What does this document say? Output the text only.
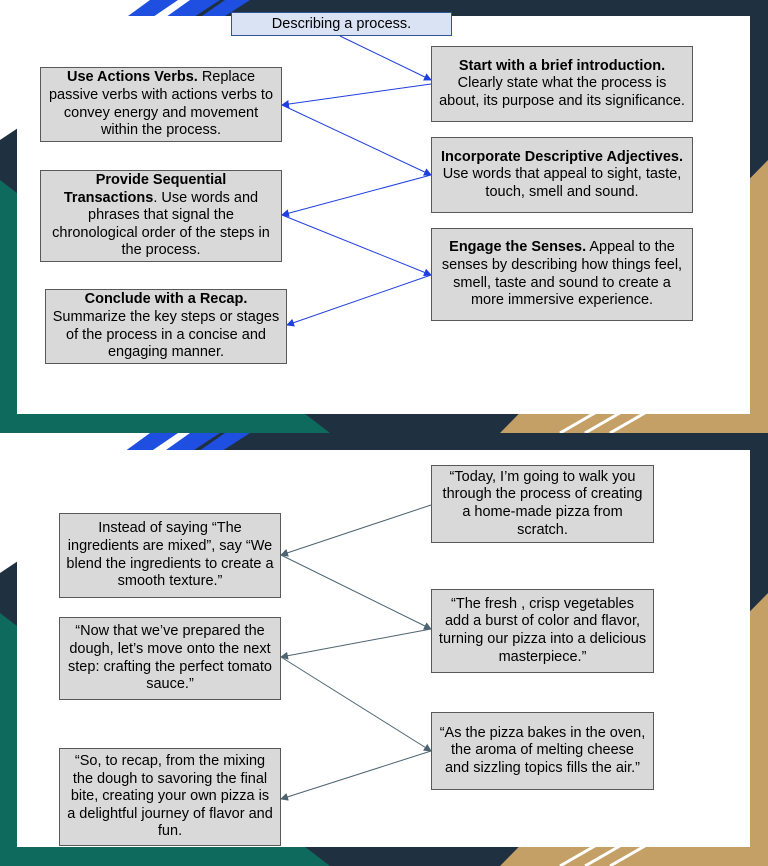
Describing a process.
Start with a brief introduction. Clearly state what the process is about, its purpose and its significance.
Incorporate Descriptive Adjectives. Use words that appeal to sight, taste, touch, smell and sound.
Engage the Senses. Appeal to the senses by describing how things feel, smell, taste and sound to create a more immersive experience.
Use Actions Verbs. Replace passive verbs with actions verbs to convey energy and movement within the process.
Provide Sequential Transactions. Use words and phrases that signal the chronological order of the steps in the process.
Conclude with a Recap. Summarize the key steps or stages of the process in a concise and engaging manner.
“Today, I’m going to walk you through the process of creating a home-made pizza from scratch.
“The fresh , crisp vegetables add a burst of color and flavor, turning our pizza into a delicious masterpiece.”
“As the pizza bakes in the oven, the aroma of melting cheese and sizzling topics fills the air.”
Instead of saying “The ingredients are mixed”, say “We blend the ingredients to create a smooth texture.”
“Now that we’ve prepared the dough, let’s move onto the next step: crafting the perfect tomato sauce.”
“So, to recap, from the mixing the dough to savoring the final bite, creating your own pizza is a delightful journey of flavor and fun.
